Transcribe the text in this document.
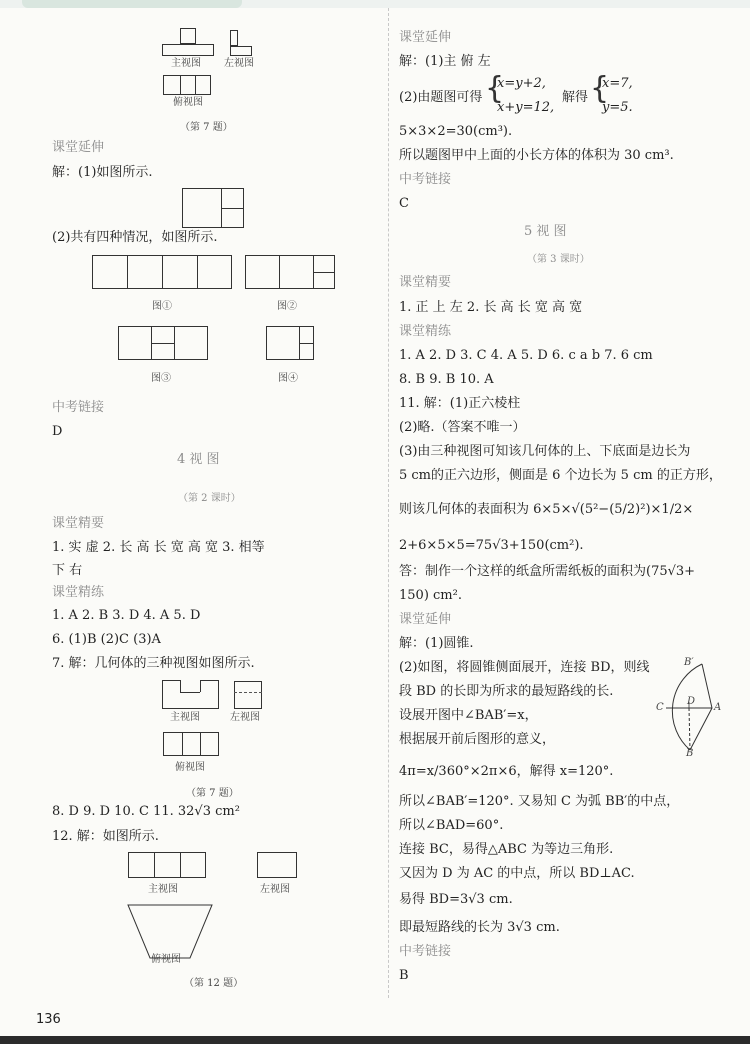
主视图 左视图
俯视图
（第 7 题）
课堂延伸
解：(1)如图所示.
(2)共有四种情况，如图所示.
图①	图②
图③	图④
中考链接
D
4 视 图
（第 2 课时）
课堂精要
1. 实 虚 2. 长 高 长 宽 高 宽 3. 相等
下 右
课堂精练
1. A 2. B 3. D 4. A 5. D
6. (1)B (2)C (3)A
7. 解：几何体的三种视图如图所示.
主视图	左视图
俯视图
（第 7 题）
8. D 9. D 10. C 11. 32√3 cm²
12. 解：如图所示.
主视图	左视图
俯视图
（第 12 题）
136
课堂延伸
解：(1)主 俯 左
(2)由题图可得 {
x=y+2,
x+y=12,
解得 {
x=7,
y=5.
5×3×2=30(cm³).
所以题图甲中上面的小长方体的体积为 30 cm³.
中考链接
C
5 视 图
（第 3 课时）
课堂精要
1. 正 上 左 2. 长 高 长 宽 高 宽
课堂精练
1. A 2. D 3. C 4. A 5. D 6. c a b 7. 6 cm
8. B 9. B 10. A
11. 解：(1)正六棱柱
(2)略.（答案不唯一）
(3)由三种视图可知该几何体的上、下底面是边长为
5 cm的正六边形，侧面是 6 个边长为 5 cm 的正方形，
则该几何体的表面积为 6×5×√(5²−(5/2)²)×1/2×
2+6×5×5=75√3+150(cm²).
答：制作一个这样的纸盒所需纸板的面积为(75√3+
150) cm².
课堂延伸
解：(1)圆锥.
(2)如图，将圆锥侧面展开，连接 BD，则线
段 BD 的长即为所求的最短路线的长.
设展开图中∠BAB′=x，
根据展开前后图形的意义，
4π=x/360°×2π×6，解得 x=120°.
所以∠BAB′=120°. 又易知 C 为弧 BB′的中点，
所以∠BAD=60°.
连接 BC，易得△ABC 为等边三角形.
又因为 D 为 AC 的中点，所以 BD⊥AC.
易得 BD=3√3 cm.
即最短路线的长为 3√3 cm.
中考链接
B
B′
C
D
A
B
